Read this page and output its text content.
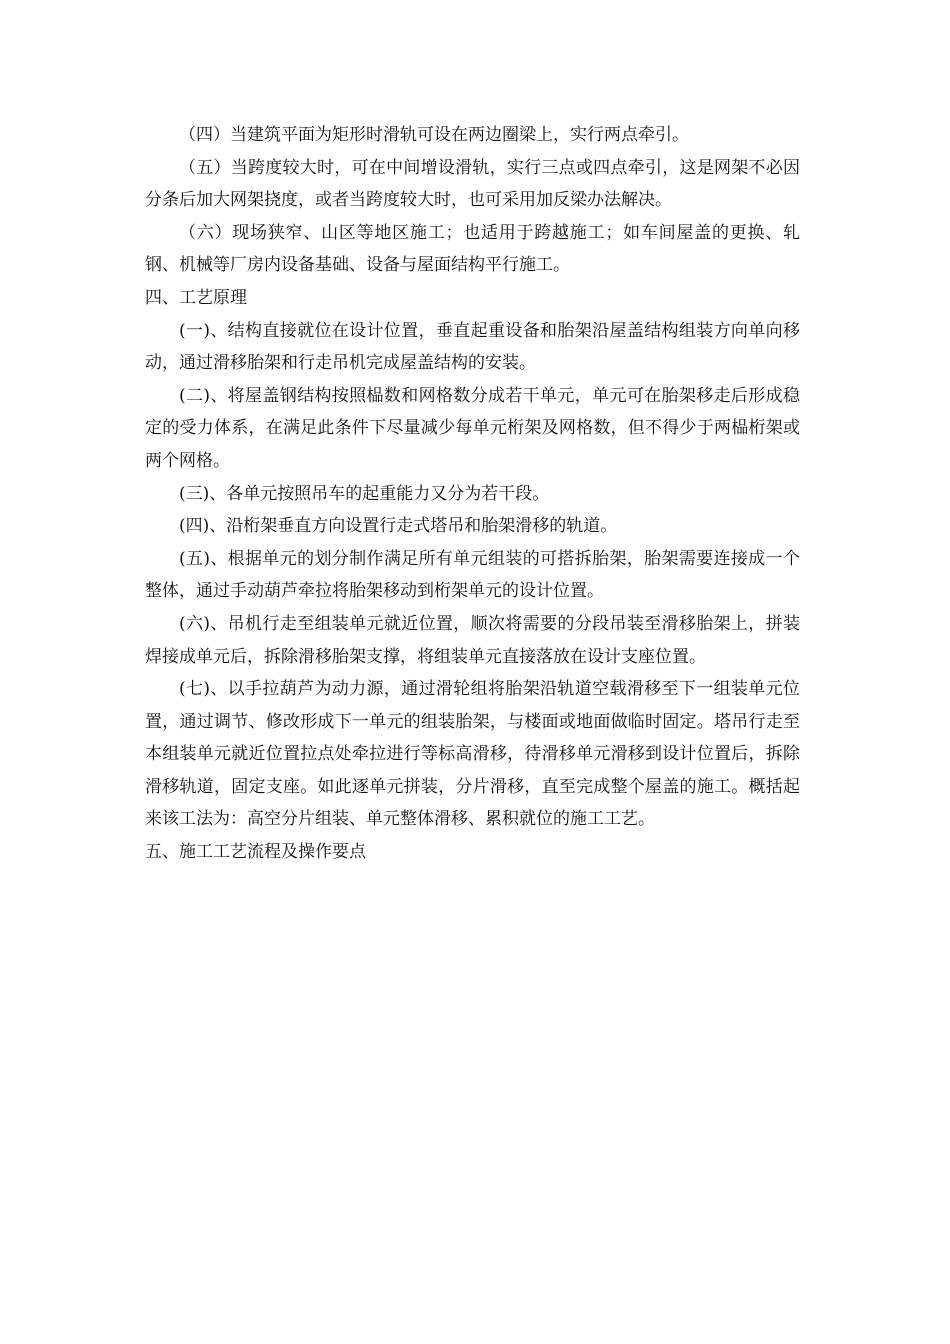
（四）当建筑平面为矩形时滑轨可设在两边圈梁上，实行两点牵引。

（五）当跨度较大时，可在中间增设滑轨，实行三点或四点牵引，这是网架不必因分条后加大网架挠度，或者当跨度较大时，也可采用加反梁办法解决。

（六）现场狭窄、山区等地区施工；也适用于跨越施工；如车间屋盖的更换、轧钢、机械等厂房内设备基础、设备与屋面结构平行施工。

四、工艺原理

(一)、结构直接就位在设计位置，垂直起重设备和胎架沿屋盖结构组装方向单向移动，通过滑移胎架和行走吊机完成屋盖结构的安装。

(二)、将屋盖钢结构按照榀数和网格数分成若干单元，单元可在胎架移走后形成稳定的受力体系，在满足此条件下尽量减少每单元桁架及网格数，但不得少于两榀桁架或两个网格。

(三)、各单元按照吊车的起重能力又分为若干段。

(四)、沿桁架垂直方向设置行走式塔吊和胎架滑移的轨道。

(五)、根据单元的划分制作满足所有单元组装的可搭拆胎架，胎架需要连接成一个整体，通过手动葫芦牵拉将胎架移动到桁架单元的设计位置。

(六)、吊机行走至组装单元就近位置，顺次将需要的分段吊装至滑移胎架上，拼装焊接成单元后，拆除滑移胎架支撑，将组装单元直接落放在设计支座位置。

(七)、以手拉葫芦为动力源，通过滑轮组将胎架沿轨道空载滑移至下一组装单元位置，通过调节、修改形成下一单元的组装胎架，与楼面或地面做临时固定。塔吊行走至本组装单元就近位置拉点处牵拉进行等标高滑移，待滑移单元滑移到设计位置后，拆除滑移轨道，固定支座。如此逐单元拼装，分片滑移，直至完成整个屋盖的施工。概括起来该工法为：高空分片组装、单元整体滑移、累积就位的施工工艺。

五、施工工艺流程及操作要点
